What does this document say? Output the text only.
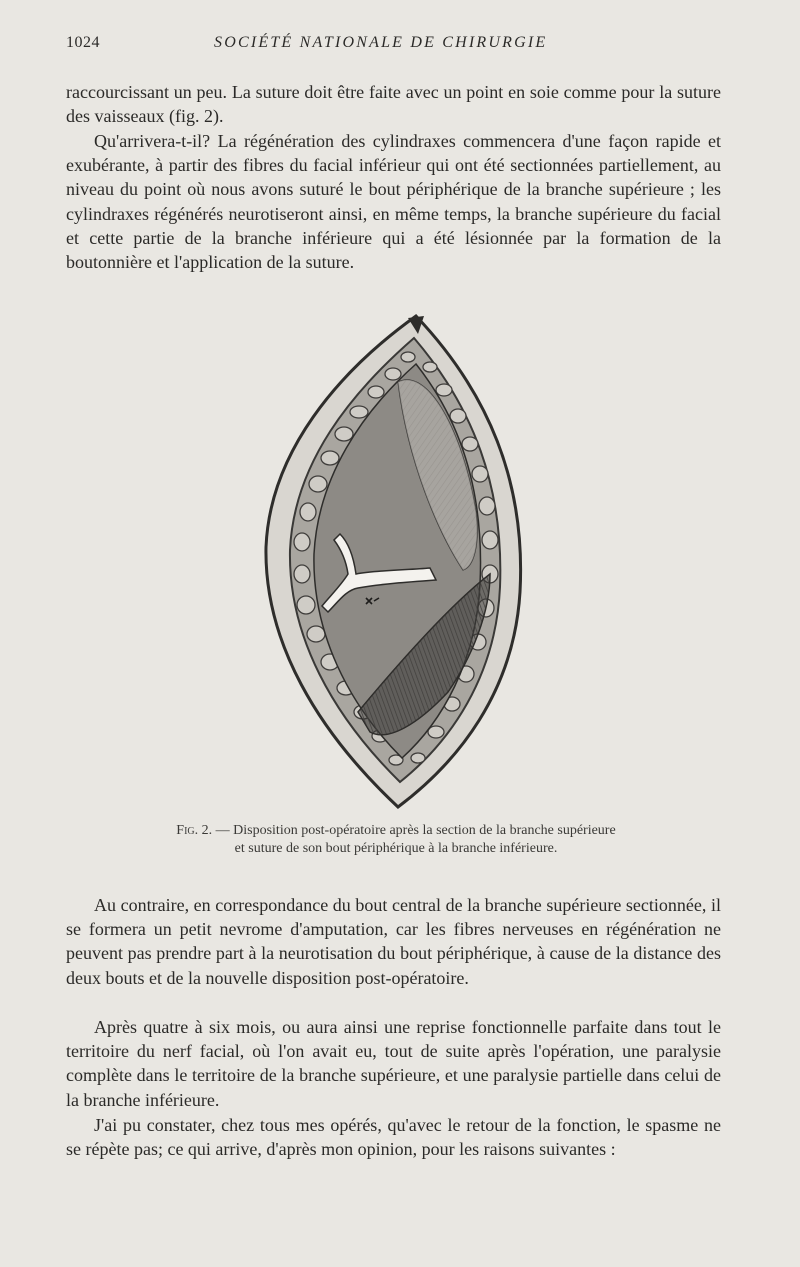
1024	SOCIÉTÉ NATIONALE DE CHIRURGIE

raccourcissant un peu. La suture doit être faite avec un point en soie comme pour la suture des vaisseaux (fig. 2).

Qu'arrivera-t-il? La régénération des cylindraxes commencera d'une façon rapide et exubérante, à partir des fibres du facial inférieur qui ont été sectionnées partiellement, au niveau du point où nous avons suturé le bout périphérique de la branche supérieure ; les cylindraxes régénérés neurotiseront ainsi, en même temps, la branche supérieure du facial et cette partie de la branche inférieure qui a été lésionnée par la formation de la boutonnière et l'application de la suture.

Fig. 2. — Disposition post-opératoire après la section de la branche supérieure
et suture de son bout périphérique à la branche inférieure.

Au contraire, en correspondance du bout central de la branche supérieure sectionnée, il se formera un petit nevrome d'amputation, car les fibres nerveuses en régénération ne peuvent pas prendre part à la neurotisation du bout périphérique, à cause de la distance des deux bouts et de la nouvelle disposition post-opératoire.

Après quatre à six mois, ou aura ainsi une reprise fonctionnelle parfaite dans tout le territoire du nerf facial, où l'on avait eu, tout de suite après l'opération, une paralysie complète dans le territoire de la branche supérieure, et une paralysie partielle dans celui de la branche inférieure.

J'ai pu constater, chez tous mes opérés, qu'avec le retour de la fonction, le spasme ne se répète pas; ce qui arrive, d'après mon opinion, pour les raisons suivantes :
